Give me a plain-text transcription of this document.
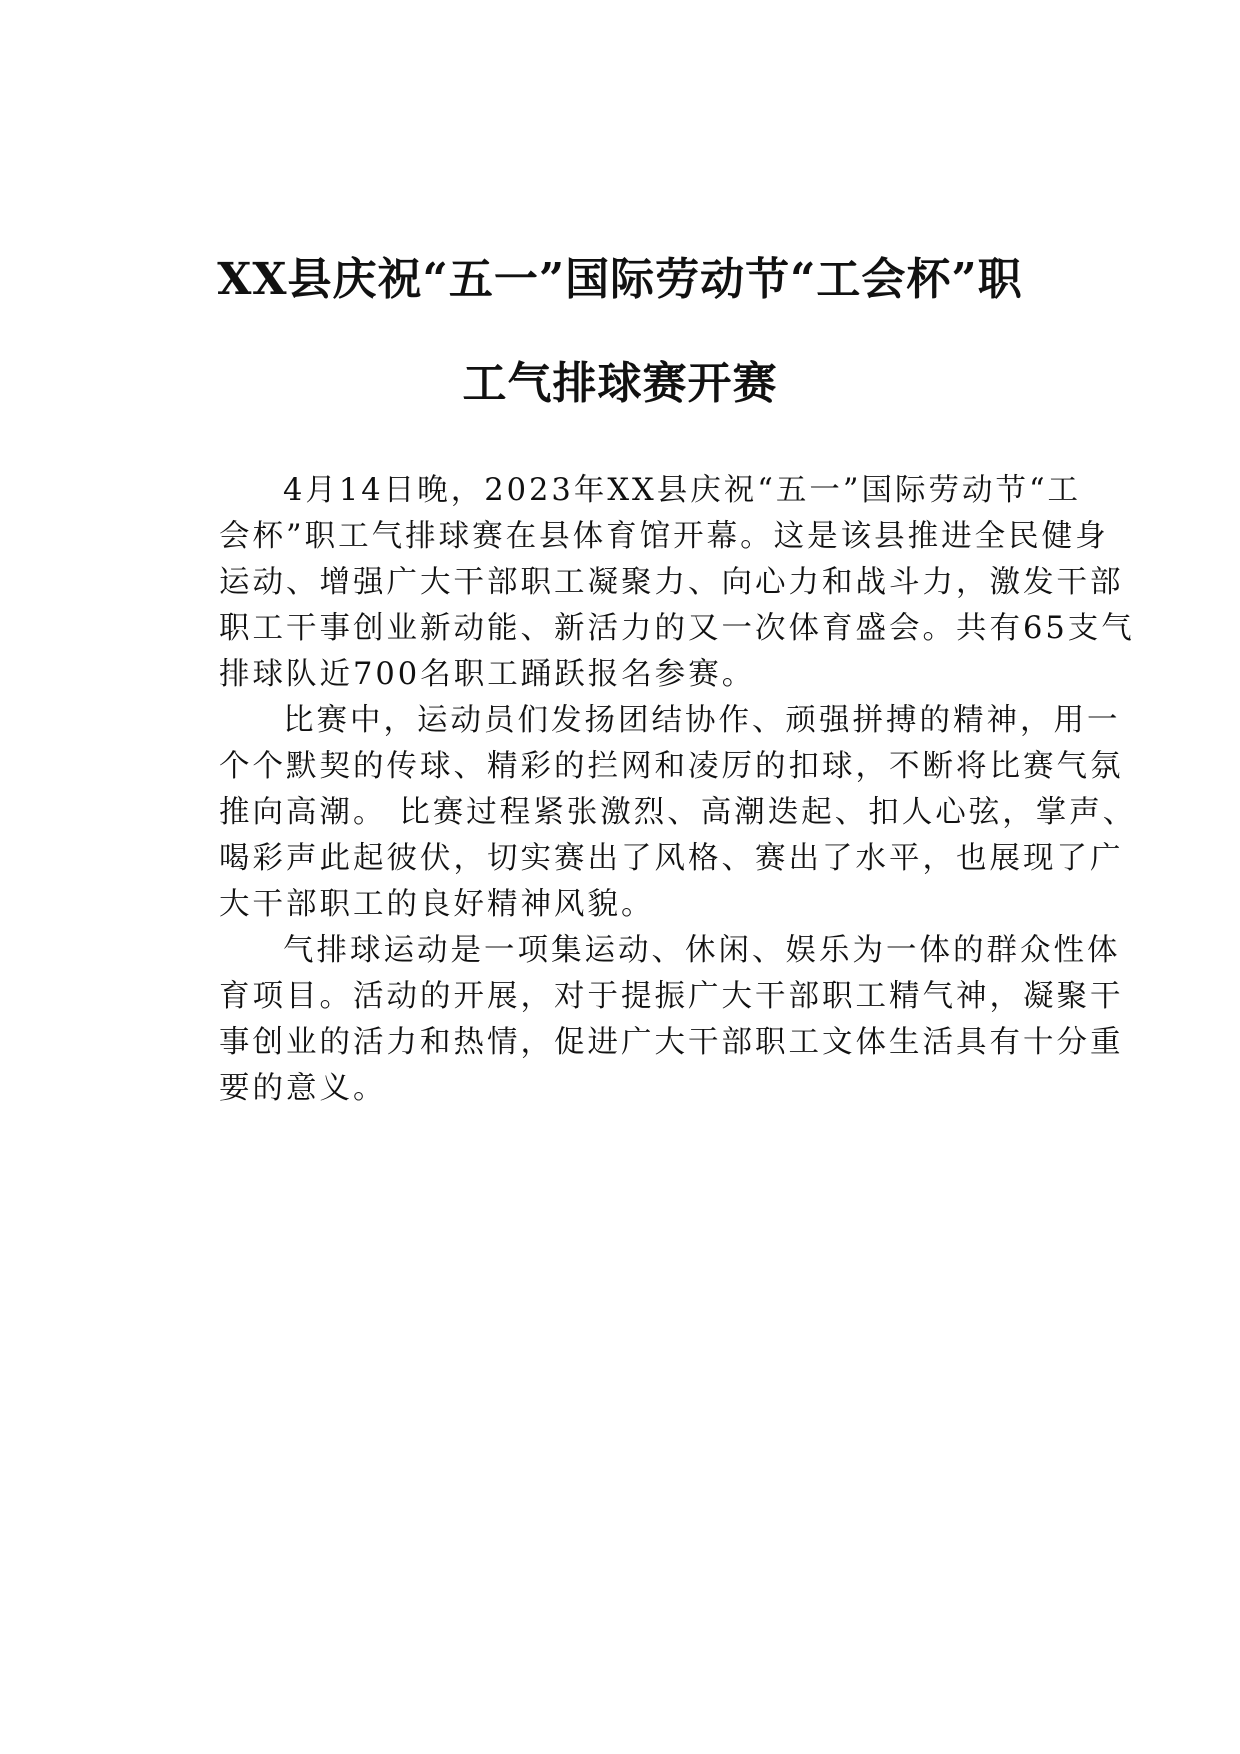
XX县庆祝“五一”国际劳动节“工会杯”职
工气排球赛开赛

4月14日晚，2023年XX县庆祝“五一”国际劳动节“工
会杯”职工气排球赛在县体育馆开幕。这是该县推进全民健身
运动、增强广大干部职工凝聚力、向心力和战斗力，激发干部
职工干事创业新动能、新活力的又一次体育盛会。共有65支气
排球队近700名职工踊跃报名参赛。

比赛中，运动员们发扬团结协作、顽强拼搏的精神，用一
个个默契的传球、精彩的拦网和凌厉的扣球，不断将比赛气氛
推向高潮。 比赛过程紧张激烈、高潮迭起、扣人心弦，掌声、
喝彩声此起彼伏，切实赛出了风格、赛出了水平，也展现了广
大干部职工的良好精神风貌。

气排球运动是一项集运动、休闲、娱乐为一体的群众性体
育项目。活动的开展，对于提振广大干部职工精气神，凝聚干
事创业的活力和热情，促进广大干部职工文体生活具有十分重
要的意义。
